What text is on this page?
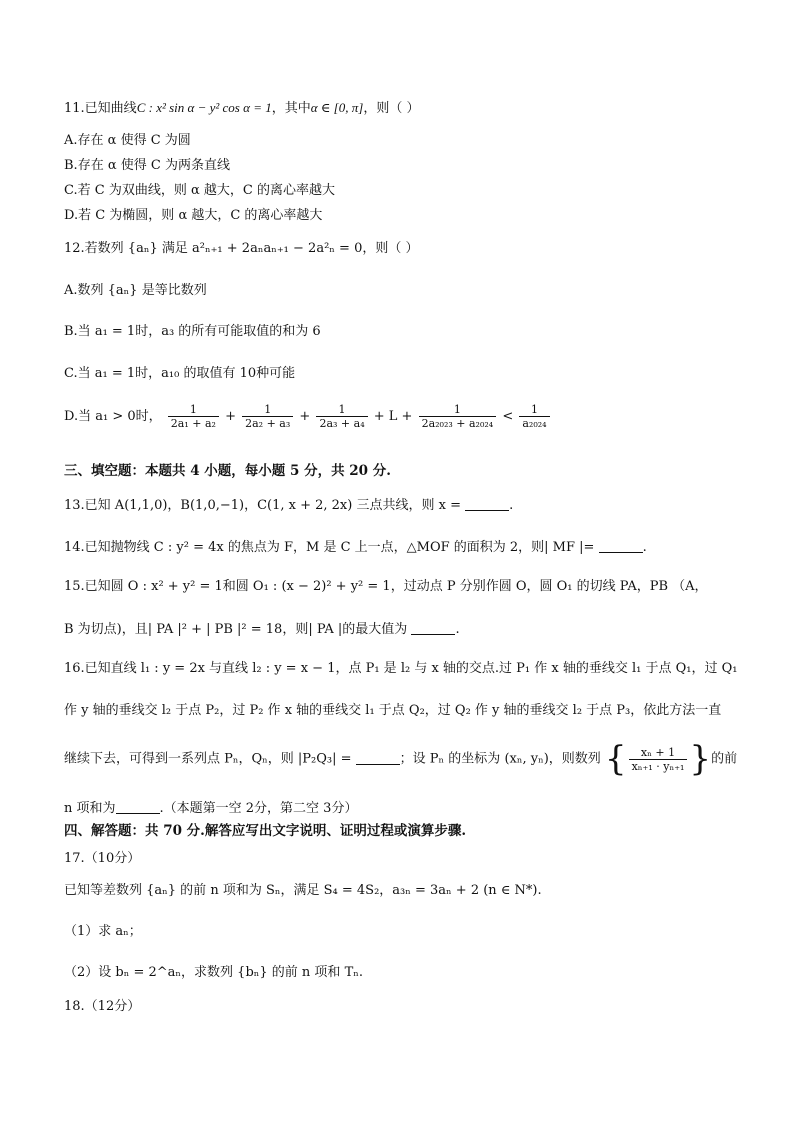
11.已知曲线C : x² sin α − y² cos α = 1，其中α ∈ [0, π]，则（ ）
A.存在 α 使得 C 为圆
B.存在 α 使得 C 为两条直线
C.若 C 为双曲线，则 α 越大，C 的离心率越大
D.若 C 为椭圆，则 α 越大，C 的离心率越大
12.若数列 {aₙ} 满足 a²ₙ₊₁ + 2aₙaₙ₊₁ − 2a²ₙ = 0，则（ ）
A.数列 {aₙ} 是等比数列
B.当 a₁ = 1时，a₃ 的所有可能取值的和为 6
C.当 a₁ = 1时，a₁₀ 的取值有 10种可能
D.当 a₁ > 0时， $\frac{1}{\text{2a₁ + a₂}} + \frac{1}{\text{2a₂ + a₃}} + \frac{1}{\text{2a₃ + a₄}} + L + \frac{1}{\text{2a₂₀₂₃ + a₂₀₂₄}} < \frac{1}{\text{a₂₀₂₄}}$
三、填空题：本题共 4 小题，每小题 5 分，共 20 分.
13.已知 A(1,1,0)，B(1,0,−1)，C(1, x + 2, 2x) 三点共线，则 x =	.
14.已知抛物线 C : y² = 4x 的焦点为 F，M 是 C 上一点，△MOF 的面积为 2，则| MF |=	.
15.已知圆 O : x² + y² = 1和圆 O₁ : (x − 2)² + y² = 1，过动点 P 分别作圆 O，圆 O₁ 的切线 PA，PB （A，
B 为切点)，且| PA |² + | PB |² = 18，则| PA |的最大值为	.
16.已知直线 l₁ : y = 2x 与直线 l₂ : y = x − 1，点 P₁ 是 l₂ 与 x 轴的交点.过 P₁ 作 x 轴的垂线交 l₁ 于点 Q₁，过 Q₁
作 y 轴的垂线交 l₂ 于点 P₂，过 P₂ 作 x 轴的垂线交 l₁ 于点 Q₂，过 Q₂ 作 y 轴的垂线交 l₂ 于点 P₃，依此方法一直
继续下去，可得到一系列点 Pₙ，Qₙ，则 |P₂Q₃| =	；设 Pₙ 的坐标为 (xₙ, yₙ)，则数列 { $\frac{\text{xₙ + 1}}{\text{xₙ₊₁ · yₙ₊₁}}$ }的前
n 项和为	.（本题第一空 2分，第二空 3分）
四、解答题：共 70 分.解答应写出文字说明、证明过程或演算步骤.
17.（10分）
已知等差数列 {aₙ} 的前 n 项和为 Sₙ，满足 S₄ = 4S₂，a₃ₙ = 3aₙ + 2 (n ∈ N*).
（1）求 aₙ；
（2）设 bₙ = 2^aₙ，求数列 {bₙ} 的前 n 项和 Tₙ.
18.（12分）
